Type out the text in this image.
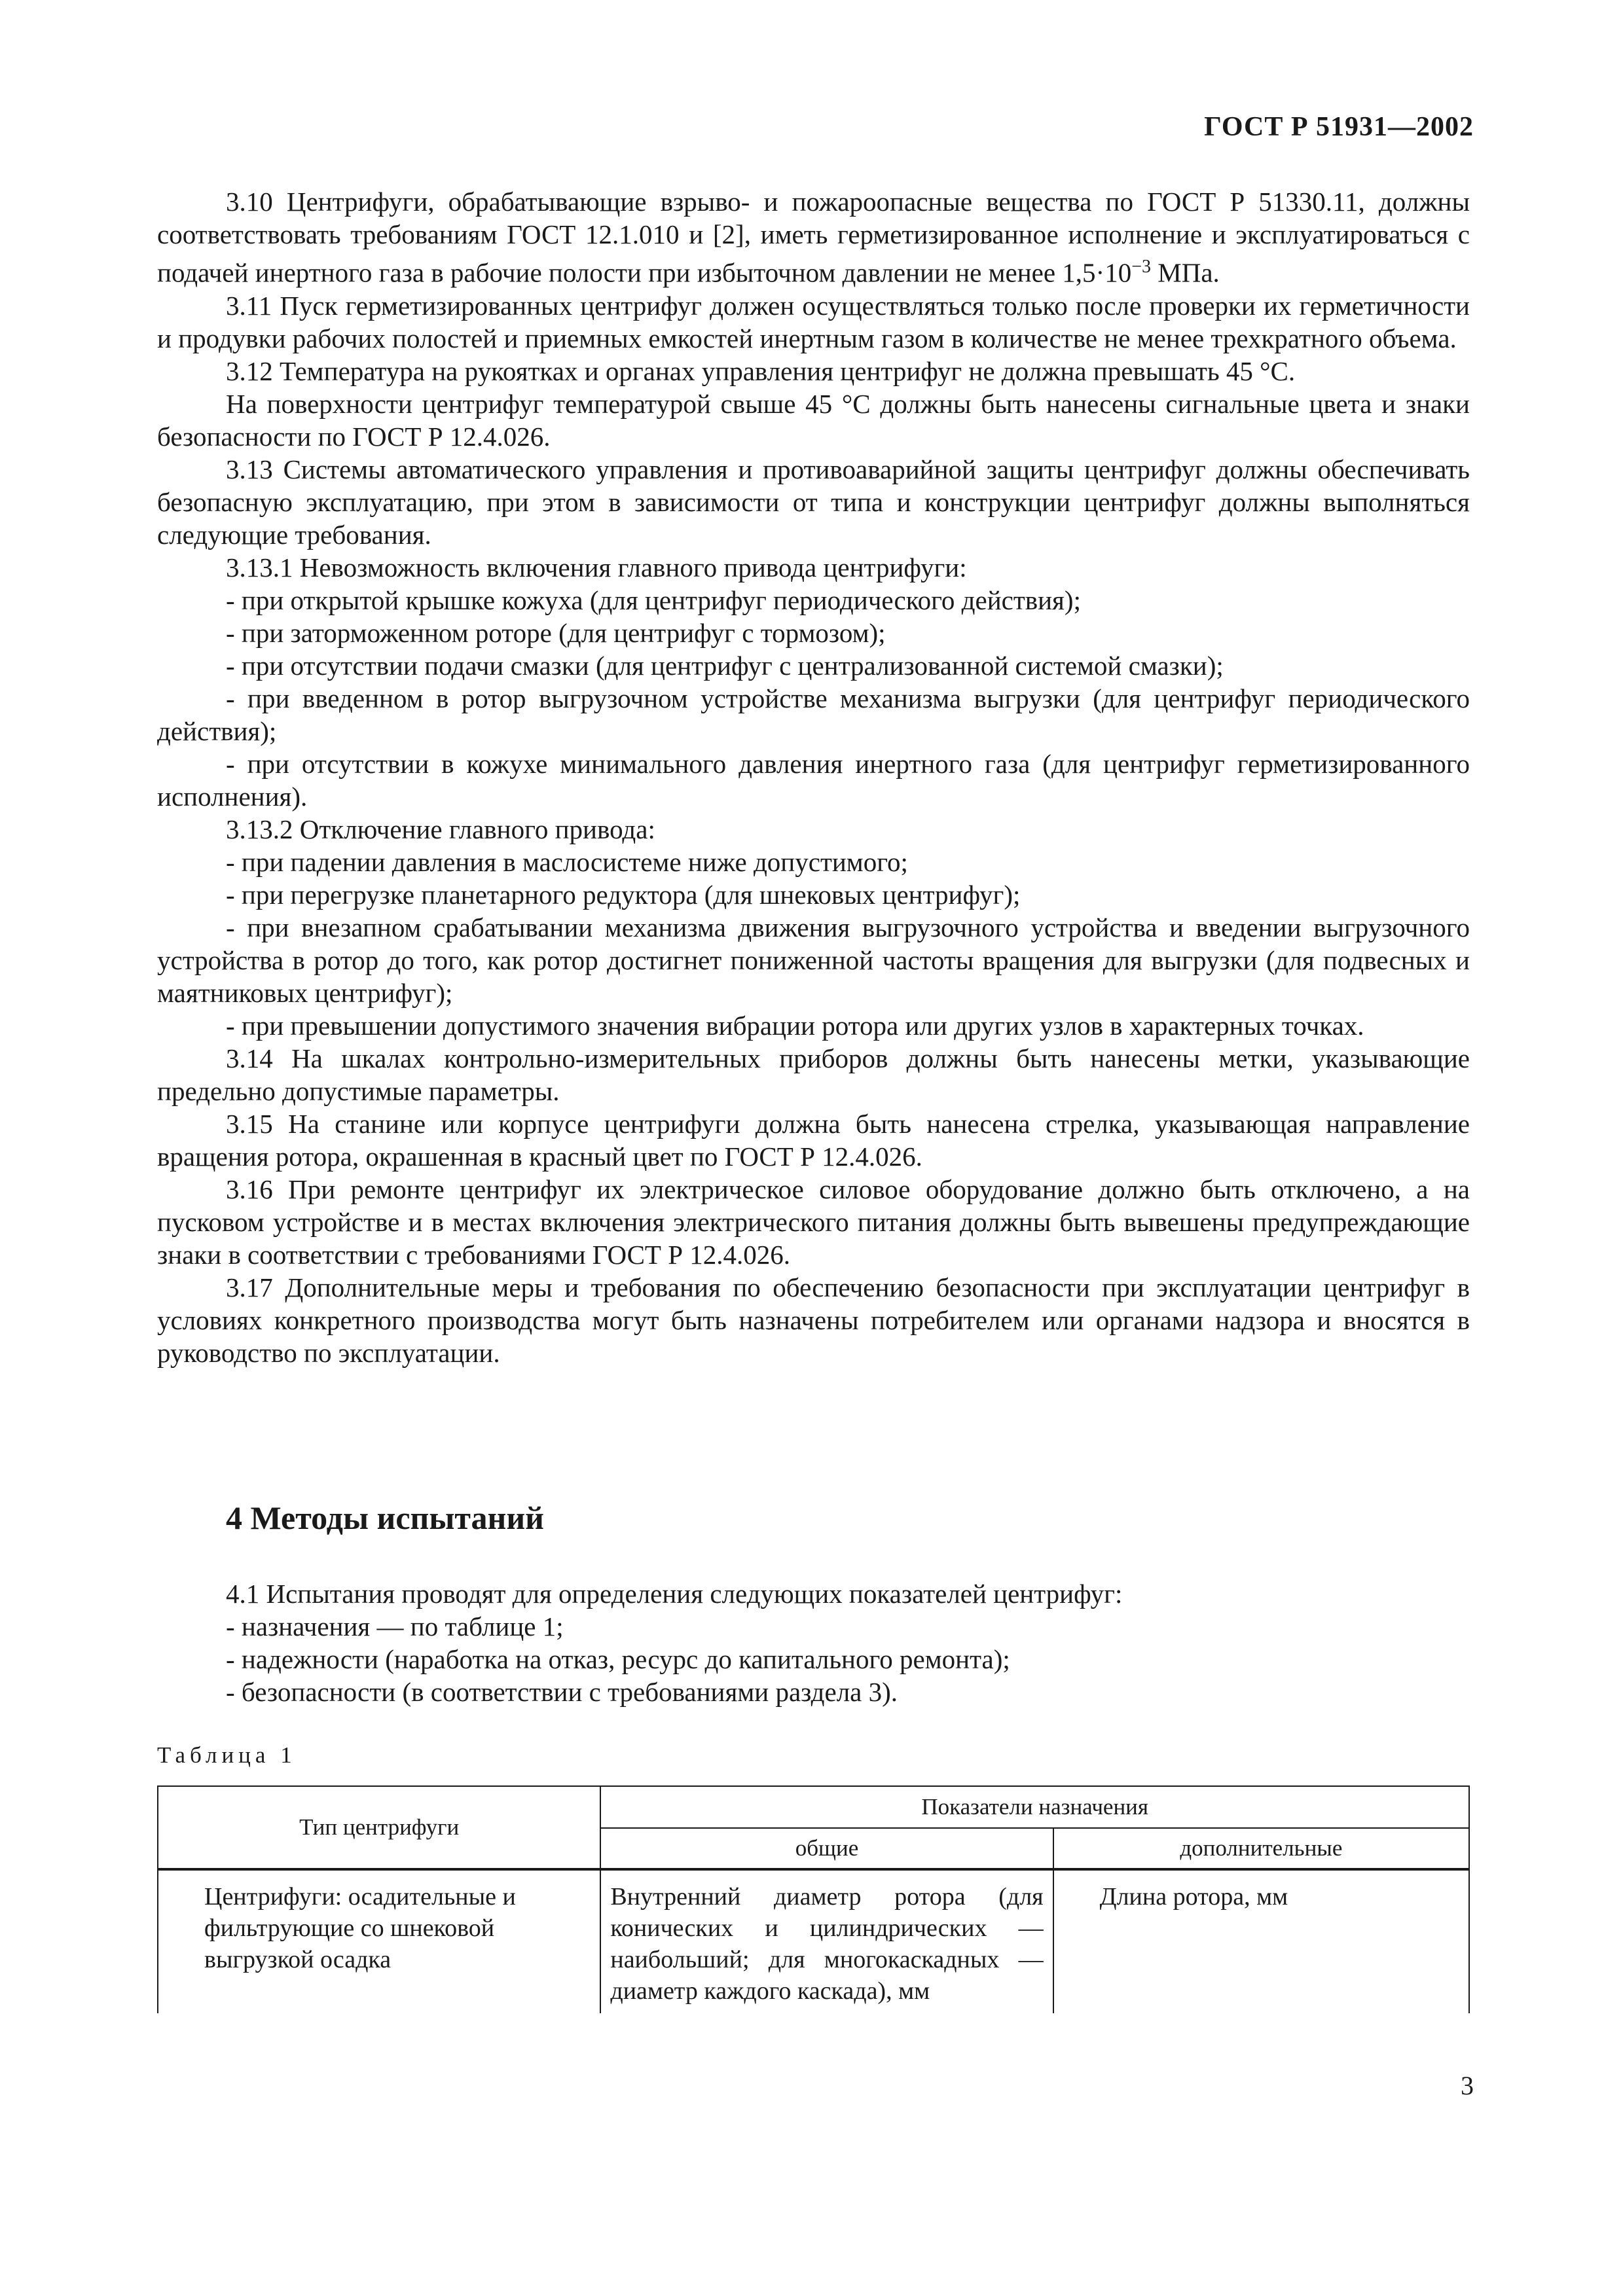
ГОСТ Р 51931—2002

3.10 Центрифуги, обрабатывающие взрыво- и пожароопасные вещества по ГОСТ Р 51330.11, должны соответствовать требованиям ГОСТ 12.1.010 и [2], иметь герметизированное исполнение и эксплуатироваться с подачей инертного газа в рабочие полости при избыточном давлении не менее $1,5\cdot 10^{-3}$ МПа.

3.11 Пуск герметизированных центрифуг должен осуществляться только после проверки их герметичности и продувки рабочих полостей и приемных емкостей инертным газом в количестве не менее трехкратного объема.

3.12 Температура на рукоятках и органах управления центрифуг не должна превышать 45 °С.

На поверхности центрифуг температурой свыше 45 °С должны быть нанесены сигнальные цвета и знаки безопасности по ГОСТ Р 12.4.026.

3.13 Системы автоматического управления и противоаварийной защиты центрифуг должны обеспечивать безопасную эксплуатацию, при этом в зависимости от типа и конструкции центрифуг должны выполняться следующие требования.

3.13.1 Невозможность включения главного привода центрифуги:

- при открытой крышке кожуха (для центрифуг периодического действия);

- при заторможенном роторе (для центрифуг с тормозом);

- при отсутствии подачи смазки (для центрифуг с централизованной системой смазки);

- при введенном в ротор выгрузочном устройстве механизма выгрузки (для центрифуг периодического действия);

- при отсутствии в кожухе минимального давления инертного газа (для центрифуг герметизированного исполнения).

3.13.2 Отключение главного привода:

- при падении давления в маслосистеме ниже допустимого;

- при перегрузке планетарного редуктора (для шнековых центрифуг);

- при внезапном срабатывании механизма движения выгрузочного устройства и введении выгрузочного устройства в ротор до того, как ротор достигнет пониженной частоты вращения для выгрузки (для подвесных и маятниковых центрифуг);

- при превышении допустимого значения вибрации ротора или других узлов в характерных точках.

3.14 На шкалах контрольно-измерительных приборов должны быть нанесены метки, указывающие предельно допустимые параметры.

3.15 На станине или корпусе центрифуги должна быть нанесена стрелка, указывающая направление вращения ротора, окрашенная в красный цвет по ГОСТ Р 12.4.026.

3.16 При ремонте центрифуг их электрическое силовое оборудование должно быть отключено, а на пусковом устройстве и в местах включения электрического питания должны быть вывешены предупреждающие знаки в соответствии с требованиями ГОСТ Р 12.4.026.

3.17 Дополнительные меры и требования по обеспечению безопасности при эксплуатации центрифуг в условиях конкретного производства могут быть назначены потребителем или органами надзора и вносятся в руководство по эксплуатации.

4 Методы испытаний

4.1 Испытания проводят для определения следующих показателей центрифуг:

- назначения — по таблице 1;

- надежности (наработка на отказ, ресурс до капитального ремонта);

- безопасности (в соответствии с требованиями раздела 3).

Таблица 1
Тип центрифуги	Показатели назначения	
	общие	дополнительные
Центрифуги: осадительные и фильтрующие со шнековой выгрузкой осадка	Внутренний диаметр ротора (для конических и цилиндрических — наибольший; для многокаскадных — диаметр каждого каскада), мм	Длина ротора, мм
3
